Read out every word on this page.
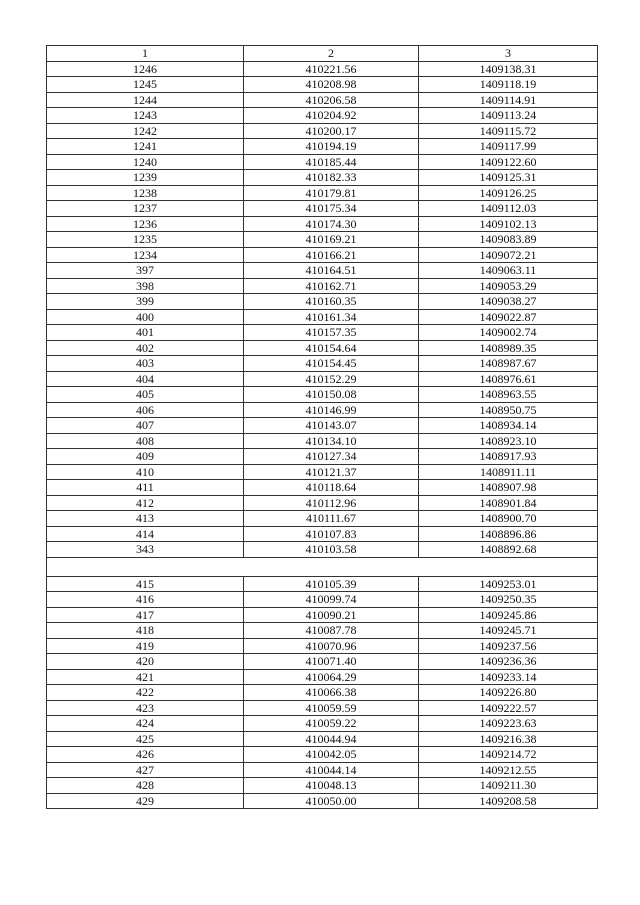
1	2	3
1246	410221.56	1409138.31
1245	410208.98	1409118.19
1244	410206.58	1409114.91
1243	410204.92	1409113.24
1242	410200.17	1409115.72
1241	410194.19	1409117.99
1240	410185.44	1409122.60
1239	410182.33	1409125.31
1238	410179.81	1409126.25
1237	410175.34	1409112.03
1236	410174.30	1409102.13
1235	410169.21	1409083.89
1234	410166.21	1409072.21
397	410164.51	1409063.11
398	410162.71	1409053.29
399	410160.35	1409038.27
400	410161.34	1409022.87
401	410157.35	1409002.74
402	410154.64	1408989.35
403	410154.45	1408987.67
404	410152.29	1408976.61
405	410150.08	1408963.55
406	410146.99	1408950.75
407	410143.07	1408934.14
408	410134.10	1408923.10
409	410127.34	1408917.93
410	410121.37	1408911.11
411	410118.64	1408907.98
412	410112.96	1408901.84
413	410111.67	1408900.70
414	410107.83	1408896.86
343	410103.58	1408892.68

415	410105.39	1409253.01
416	410099.74	1409250.35
417	410090.21	1409245.86
418	410087.78	1409245.71
419	410070.96	1409237.56
420	410071.40	1409236.36
421	410064.29	1409233.14
422	410066.38	1409226.80
423	410059.59	1409222.57
424	410059.22	1409223.63
425	410044.94	1409216.38
426	410042.05	1409214.72
427	410044.14	1409212.55
428	410048.13	1409211.30
429	410050.00	1409208.58
